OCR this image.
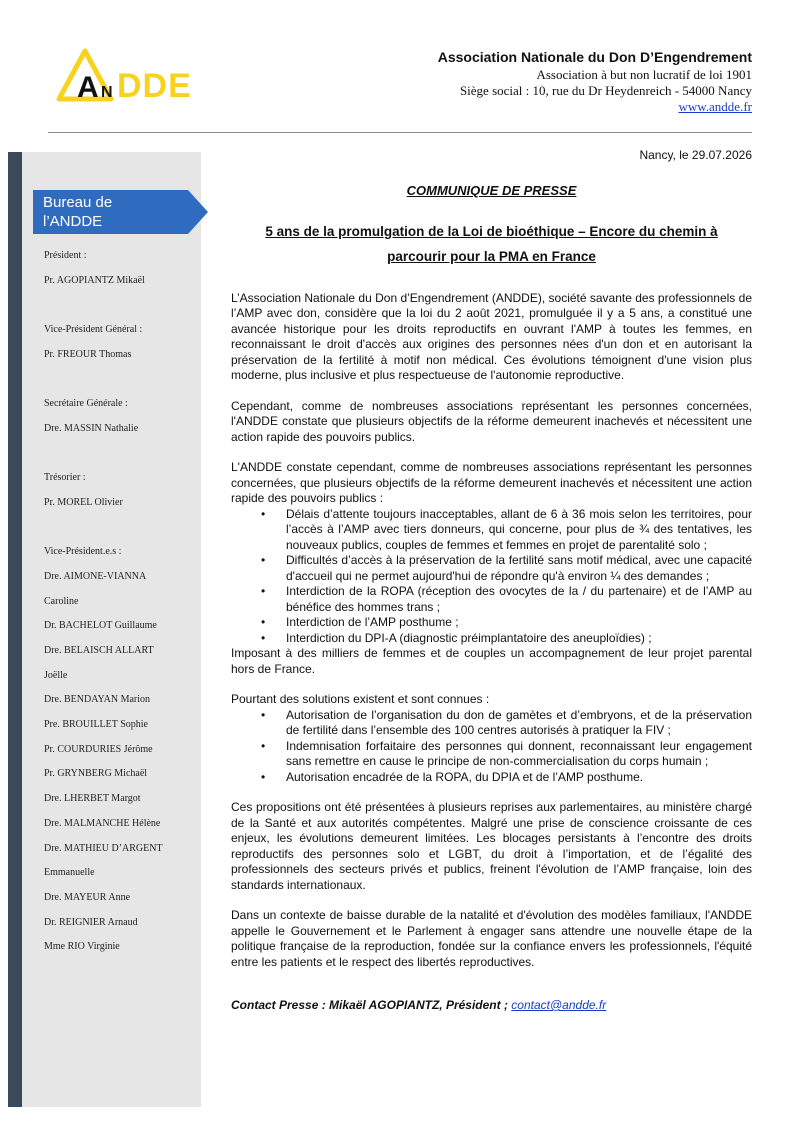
A N DDE
Association Nationale du Don D’Engendrement
Association à but non lucratif de loi 1901
Siège social : 10, rue du Dr Heydenreich - 54000 Nancy
www.andde.fr
Bureau de
l’ANDDE
Président :
Pr. AGOPIANTZ Mikaël
Vice-Président Général :
Pr. FREOUR Thomas
Secrétaire Générale :
Dre. MASSIN Nathalie
Trésorier :
Pr. MOREL Olivier
Vice-Président.e.s :
Dre. AIMONE-VIANNA
Caroline
Dr. BACHELOT Guillaume
Dre. BELAISCH ALLART
Joëlle
Dre. BENDAYAN Marion
Pre. BROUILLET Sophie
Pr. COURDURIES Jérôme
Pr. GRYNBERG Michaël
Dre. LHERBET Margot
Dre. MALMANCHE Hélène
Dre. MATHIEU D’ARGENT
Emmanuelle
Dre. MAYEUR Anne
Dr. REIGNIER Arnaud
Mme RIO Virginie
Nancy, le 29.07.2026
COMMUNIQUE DE PRESSE
5 ans de la promulgation de la Loi de bioéthique – Encore du chemin à
parcourir pour la PMA en France
L’Association Nationale du Don d’Engendrement (ANDDE), société savante des professionnels de l’AMP avec don, considère que la loi du 2 août 2021, promulguée il y a 5 ans, a constitué une avancée historique pour les droits reproductifs en ouvrant l'AMP à toutes les femmes, en reconnaissant le droit d'accès aux origines des personnes nées d'un don et en autorisant la préservation de la fertilité à motif non médical. Ces évolutions témoignent d'une vision plus moderne, plus inclusive et plus respectueuse de l'autonomie reproductive.
Cependant, comme de nombreuses associations représentant les personnes concernées, l'ANDDE constate que plusieurs objectifs de la réforme demeurent inachevés et nécessitent une action rapide des pouvoirs publics.
L'ANDDE constate cependant, comme de nombreuses associations représentant les personnes concernées, que plusieurs objectifs de la réforme demeurent inachevés et nécessitent une action rapide des pouvoirs publics :
• Délais d’attente toujours inacceptables, allant de 6 à 36 mois selon les territoires, pour l’accès à l’AMP avec tiers donneurs, qui concerne, pour plus de ¾ des tentatives, les nouveaux publics, couples de femmes et femmes en projet de parentalité solo ;
• Difficultés d’accès à la préservation de la fertilité sans motif médical, avec une capacité d'accueil qui ne permet aujourd'hui de répondre qu'à environ ¼ des demandes ;
• Interdiction de la ROPA (réception des ovocytes de la / du partenaire) et de l’AMP au bénéfice des hommes trans ;
• Interdiction de l’AMP posthume ;
• Interdiction du DPI-A (diagnostic préimplantatoire des aneuploïdies) ;
Imposant à des milliers de femmes et de couples un accompagnement de leur projet parental hors de France.
Pourtant des solutions existent et sont connues :
• Autorisation de l’organisation du don de gamètes et d’embryons, et de la préservation de fertilité dans l’ensemble des 100 centres autorisés à pratiquer la FIV ;
• Indemnisation forfaitaire des personnes qui donnent, reconnaissant leur engagement sans remettre en cause le principe de non-commercialisation du corps humain ;
• Autorisation encadrée de la ROPA, du DPIA et de l’AMP posthume.
Ces propositions ont été présentées à plusieurs reprises aux parlementaires, au ministère chargé de la Santé et aux autorités compétentes. Malgré une prise de conscience croissante de ces enjeux, les évolutions demeurent limitées. Les blocages persistants à l’encontre des droits reproductifs des personnes solo et LGBT, du droit à l’importation, et de l’égalité des professionnels des secteurs privés et publics, freinent l'évolution de l’AMP française, loin des standards internationaux.
Dans un contexte de baisse durable de la natalité et d'évolution des modèles familiaux, l'ANDDE appelle le Gouvernement et le Parlement à engager sans attendre une nouvelle étape de la politique française de la reproduction, fondée sur la confiance envers les professionnels, l'équité entre les patients et le respect des libertés reproductives.
Contact Presse : Mikaël AGOPIANTZ, Président ; contact@andde.fr
